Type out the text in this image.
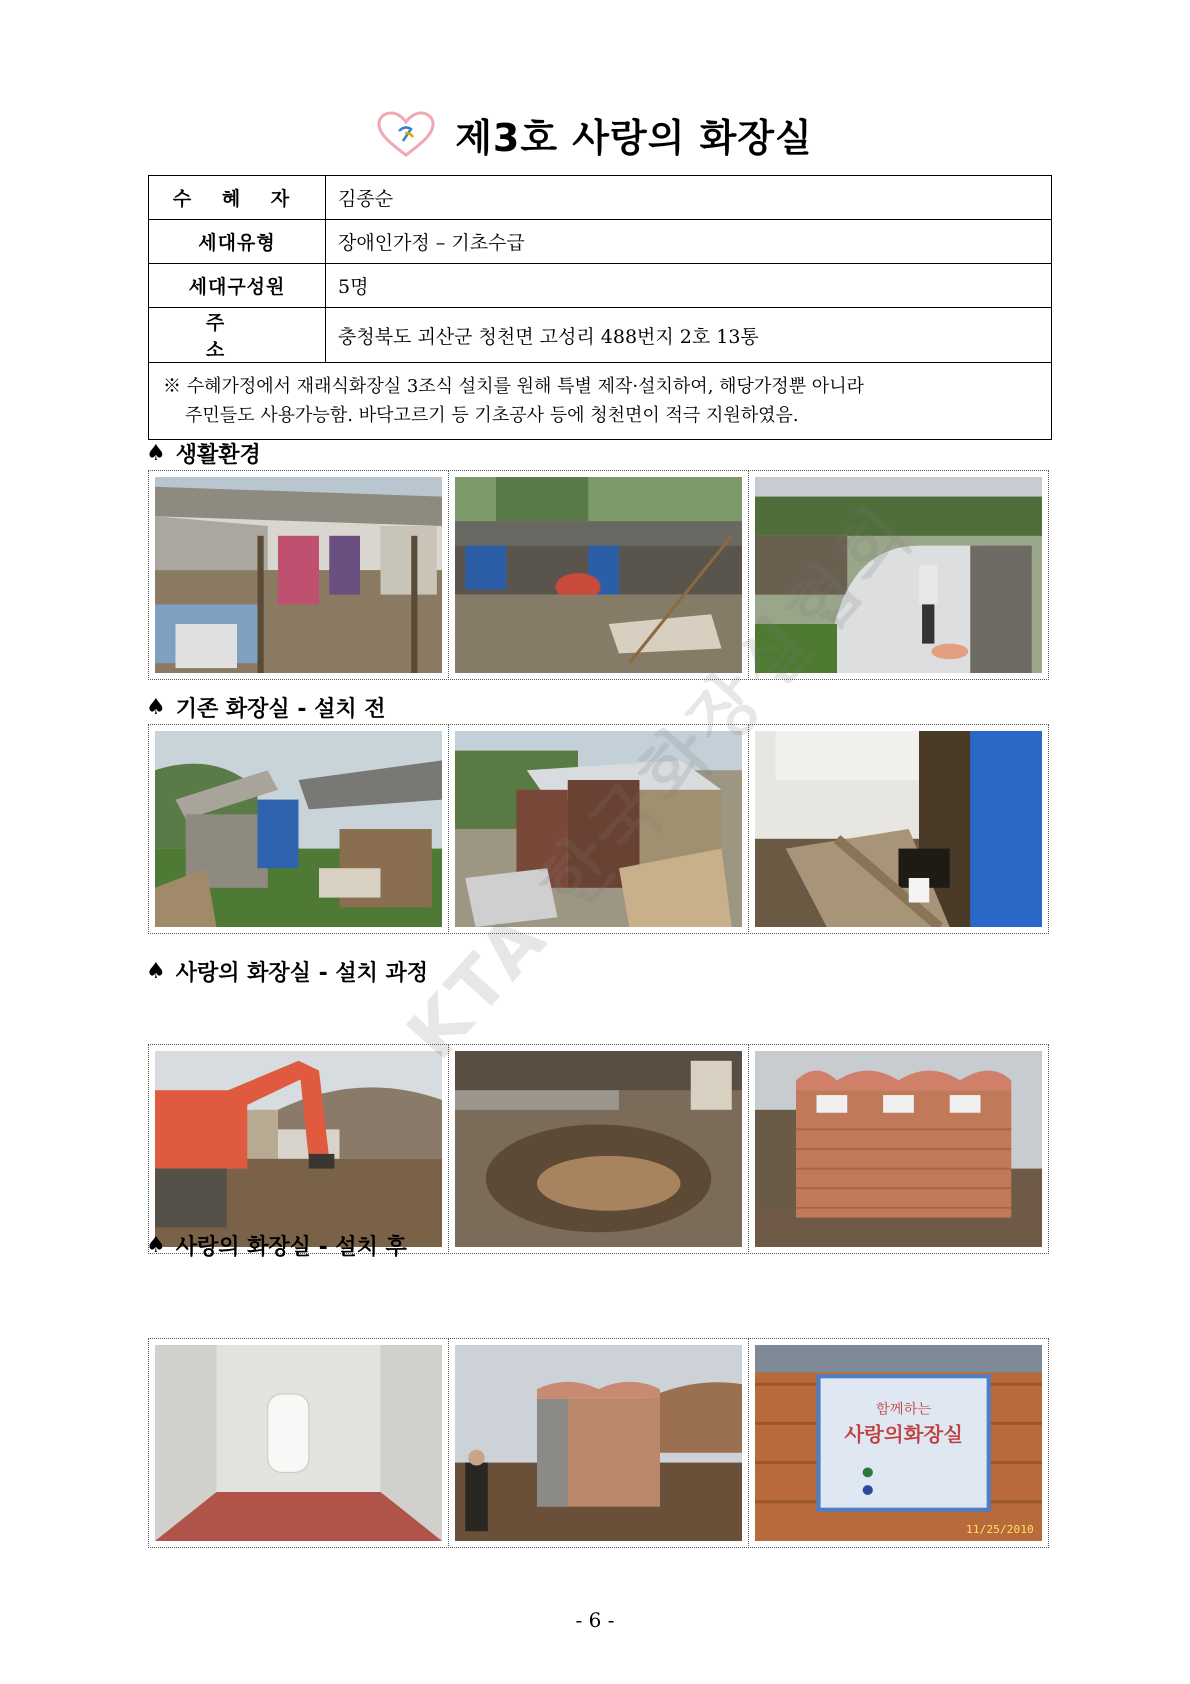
제3호 사랑의 화장실
수 혜 자	김종순
세대유형	장애인가정 – 기초수급
세대구성원	5명
주 소	충청북도 괴산군 청천면 고성리 488번지 2호 13통

※ 수혜가정에서 재래식화장실 3조식 설치를 원해 특별 제작·설치하여, 해당가정뿐 아니라
주민들도 사용가능함. 바닥고르기 등 기초공사 등에 청천면이 적극 지원하였음.	
♠ 생활환경
♠ 기존 화장실 - 설치 전
♠ 사랑의 화장실 - 설치 과정
♠ 사랑의 화장실 - 설치 후
함께하는
사랑의화장실
11/25/2010
KTA 한국화장실협회
- 6 -
